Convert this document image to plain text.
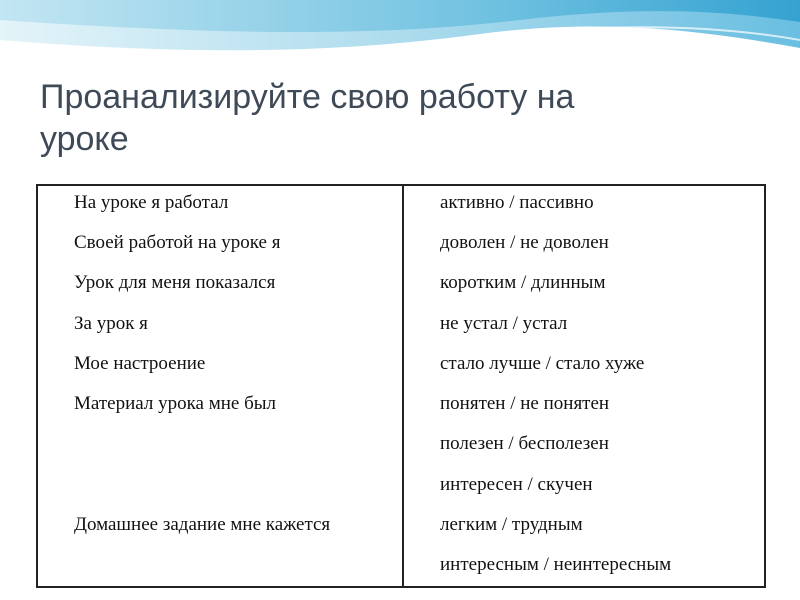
Проанализируйте свою работу на
уроке
На уроке я работал
Своей работой на уроке я
Урок для меня показался
За урок я
Мое настроение
Материал урока мне был
Домашнее задание мне кажется
активно / пассивно
доволен / не доволен
коротким / длинным
не устал / устал
стало лучше / стало хуже
понятен / не понятен
полезен / бесполезен
интересен / скучен
легким / трудным
интересным / неинтересным
